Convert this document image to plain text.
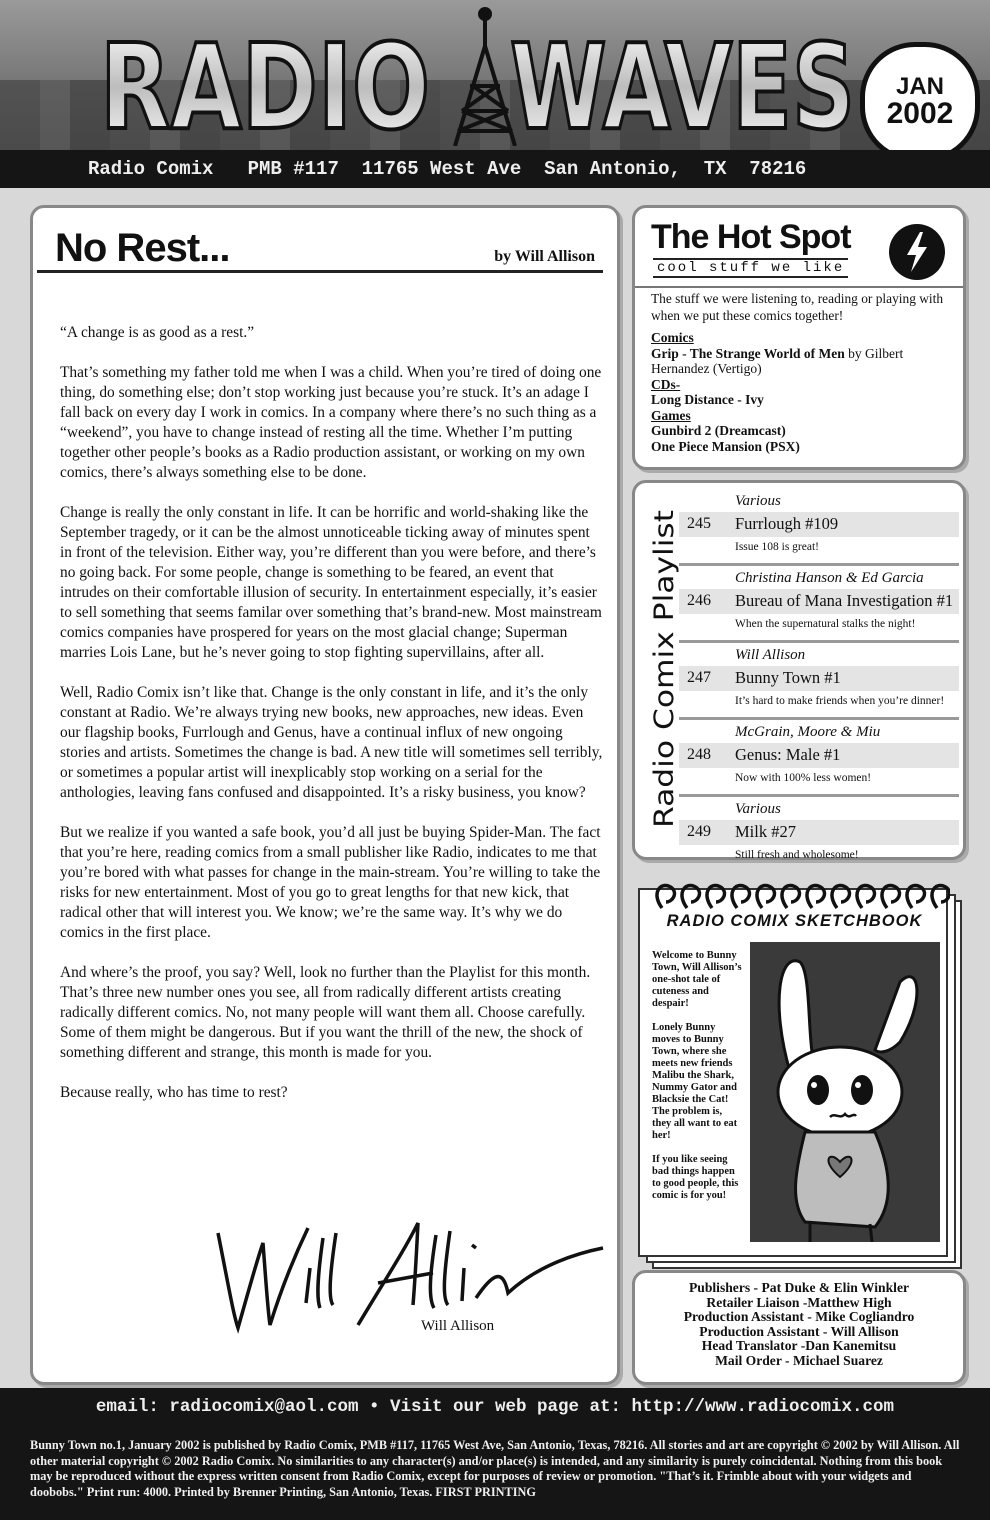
RADIO WAVES JAN
2002
Radio Comix   PMB #117  11765 West Ave  San Antonio,  TX  78216
No Rest...	by Will Allison

“A change is as good as a rest.”

That’s something my father told me when I was a child. When you’re tired of doing one thing, do something else; don’t stop working just because you’re stuck. It’s an adage I fall back on every day I work in comics. In a company where there’s no such thing as a “weekend”, you have to change instead of resting all the time. Whether I’m putting together other people’s books as a Radio production assistant, or working on my own comics, there’s always something else to be done.

Change is really the only constant in life. It can be horrific and world-shaking like the September tragedy, or it can be the almost unnoticeable ticking away of minutes spent in front of the television. Either way, you’re different than you were before, and there’s no going back. For some people, change is something to be feared, an event that intrudes on their comfortable illusion of security. In entertainment especially, it’s easier to sell something that seems familar over something that’s brand-new. Most mainstream comics companies have prospered for years on the most glacial change; Superman marries Lois Lane, but he’s never going to stop fighting supervillains, after all.

Well, Radio Comix isn’t like that. Change is the only constant in life, and it’s the only constant at Radio. We’re always trying new books, new approaches, new ideas. Even our flagship books, Furrlough and Genus, have a continual influx of new ongoing stories and artists. Sometimes the change is bad. A new title will sometimes sell terribly, or sometimes a popular artist will inexplicably stop working on a serial for the anthologies, leaving fans confused and disappointed. It’s a risky business, you know?

But we realize if you wanted a safe book, you’d all just be buying Spider-Man. The fact that you’re here, reading comics from a small publisher like Radio, indicates to me that you’re bored with what passes for change in the main-stream. You’re willing to take the risks for new entertainment. Most of you go to great lengths for that new kick, that radical other that will interest you. We know; we’re the same way. It’s why we do comics in the first place.

And where’s the proof, you say? Well, look no further than the Playlist for this month. That’s three new number ones you see, all from radically different artists creating radically different comics. No, not many people will want them all. Choose carefully. Some of them might be dangerous. But if you want the thrill of the new, the shock of something different and strange, this month is made for you.

Because really, who has time to rest?

Will Allison
The Hot Spot
cool stuff we like
The stuff we were listening to, reading or playing with when we put these comics together!
Comics
Grip - The Strange World of Men by Gilbert Hernandez (Vertigo)
CDs-
Long Distance - Ivy
Games
Gunbird 2 (Dreamcast)
One Piece Mansion (PSX)
Radio Comix Playlist
Various
245 Furrlough #109
Issue 108 is great!
Christina Hanson & Ed Garcia
246 Bureau of Mana Investigation #1
When the supernatural stalks the night!
Will Allison
247 Bunny Town #1
It’s hard to make friends when you’re dinner!
McGrain, Moore & Miu
248 Genus: Male #1
Now with 100% less women!
Various
249 Milk #27
Still fresh and wholesome!
RADIO COMIX SKETCHBOOK

Welcome to Bunny Town, Will Allison’s one-shot tale of cuteness and despair!

Lonely Bunny moves to Bunny Town, where she meets new friends Malibu the Shark, Nummy Gator and Blacksie the Cat! The problem is, they all want to eat her!

If you like seeing bad things happen to good people, this comic is for you!

Publishers - Pat Duke & Elin Winkler
Retailer Liaison -Matthew High
Production Assistant - Mike Cogliandro
Production Assistant - Will Allison
Head Translator -Dan Kanemitsu
Mail Order - Michael Suarez
email: radiocomix@aol.com • Visit our web page at: http://www.radiocomix.com

Bunny Town no.1, January 2002 is published by Radio Comix, PMB #117, 11765 West Ave, San Antonio, Texas, 78216. All stories and art are copyright © 2002 by Will Allison. All other material copyright © 2002 Radio Comix. No similarities to any character(s) and/or place(s) is intended, and any similarity is purely coincidental. Nothing from this book may be reproduced without the express written consent from Radio Comix, except for purposes of review or promotion. "That’s it. Frimble about with your widgets and doobobs." Print run: 4000. Printed by Brenner Printing, San Antonio, Texas. FIRST PRINTING
